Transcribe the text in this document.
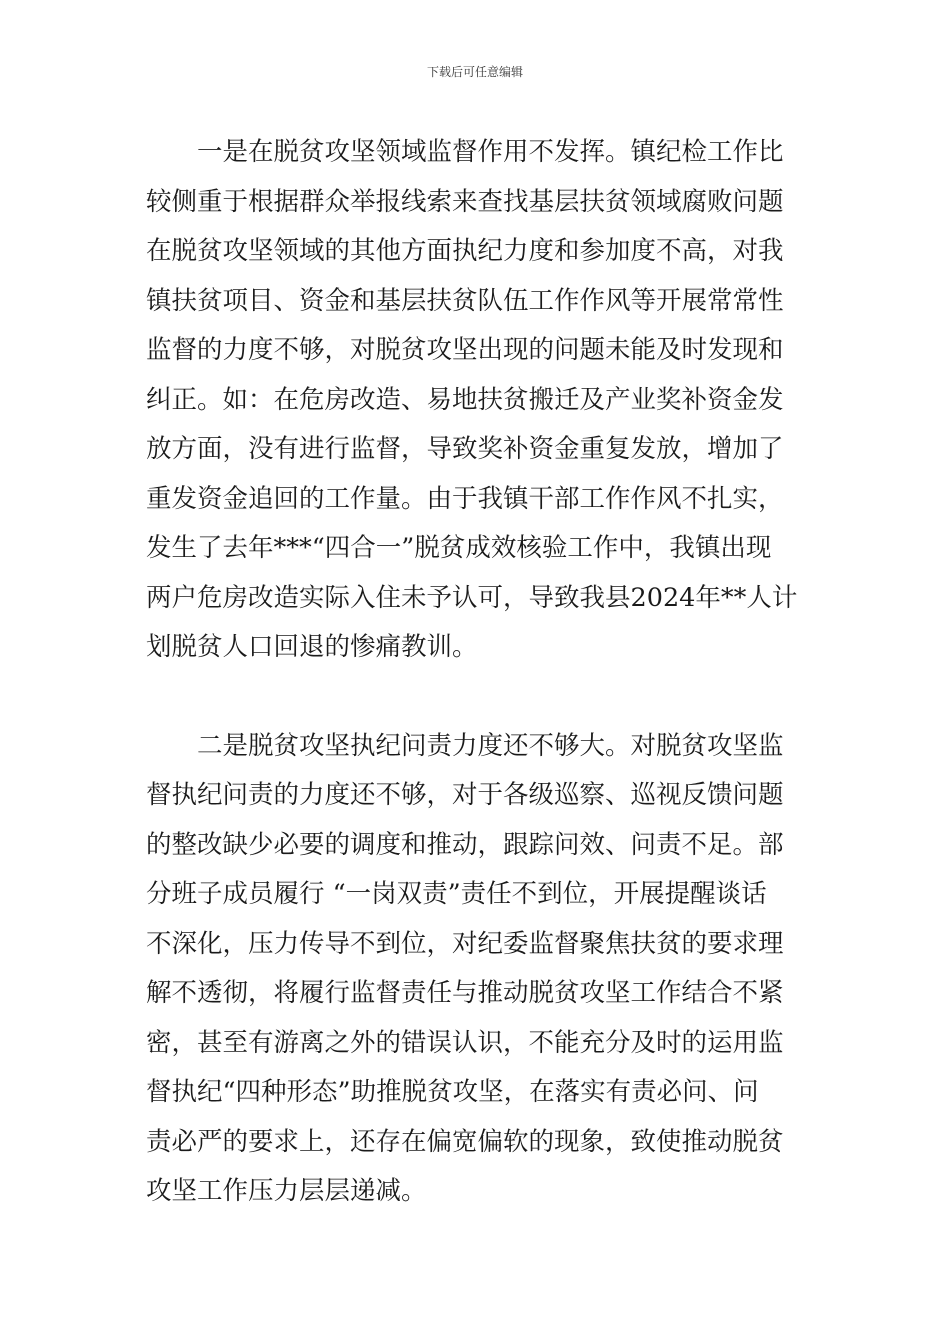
下载后可任意编辑
一是在脱贫攻坚领域监督作用不发挥。镇纪检工作比
较侧重于根据群众举报线索来查找基层扶贫领域腐败问题
在脱贫攻坚领域的其他方面执纪力度和参加度不高，对我
镇扶贫项目、资金和基层扶贫队伍工作作风等开展常常性
监督的力度不够，对脱贫攻坚出现的问题未能及时发现和
纠正。如：在危房改造、易地扶贫搬迁及产业奖补资金发
放方面，没有进行监督，导致奖补资金重复发放，增加了
重发资金追回的工作量。由于我镇干部工作作风不扎实，
发生了去年***“四合一”脱贫成效核验工作中，我镇出现
两户危房改造实际入住未予认可，导致我县2024年**人计
划脱贫人口回退的惨痛教训。
二是脱贫攻坚执纪问责力度还不够大。对脱贫攻坚监
督执纪问责的力度还不够，对于各级巡察、巡视反馈问题
的整改缺少必要的调度和推动，跟踪问效、问责不足。部
分班子成员履行 “一岗双责”责任不到位，开展提醒谈话
不深化，压力传导不到位，对纪委监督聚焦扶贫的要求理
解不透彻，将履行监督责任与推动脱贫攻坚工作结合不紧
密，甚至有游离之外的错误认识，不能充分及时的运用监
督执纪“四种形态”助推脱贫攻坚，在落实有责必问、问
责必严的要求上，还存在偏宽偏软的现象，致使推动脱贫
攻坚工作压力层层递减。
